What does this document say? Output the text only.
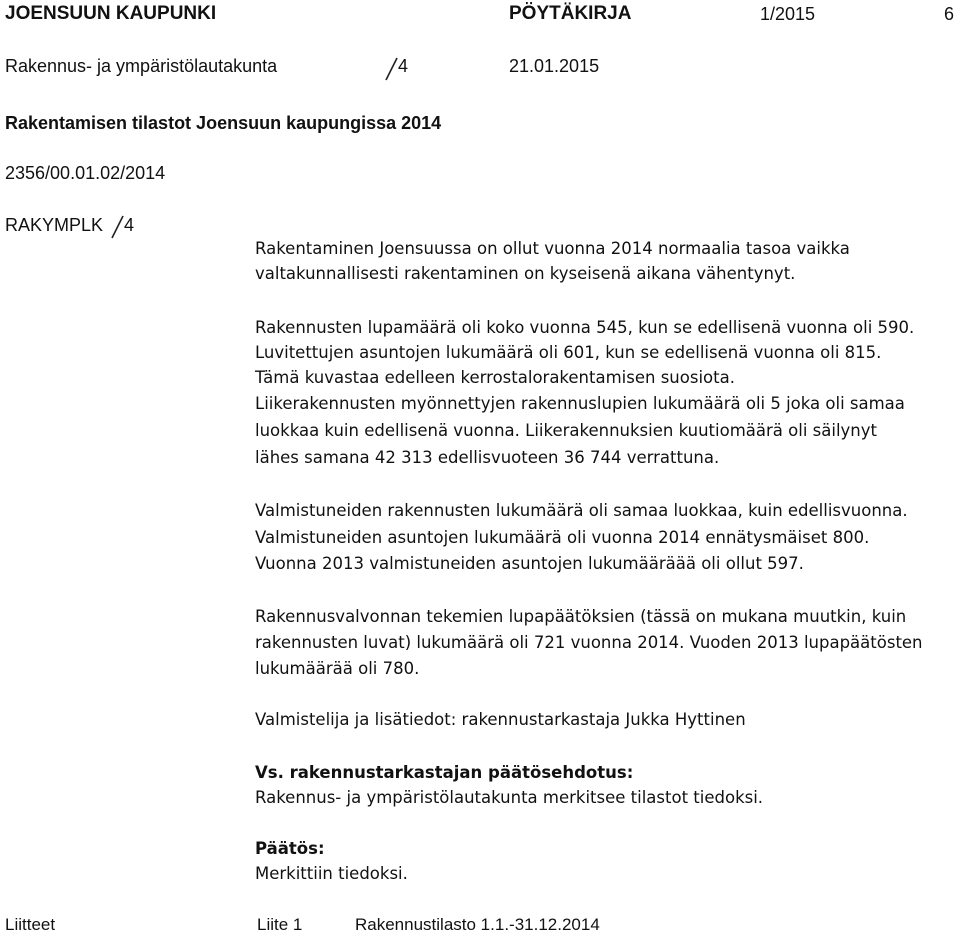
JOENSUUN KAUPUNKI	PÖYTÄKIRJA	1/2015	6
Rakennus- ja ympäristölautakunta	4	21.01.2015
Rakentamisen tilastot Joensuun kaupungissa 2014
2356/00.01.02/2014
RAKYMPLK 4
Rakentaminen Joensuussa on ollut vuonna 2014 normaalia tasoa vaikka
valtakunnallisesti rakentaminen on kyseisenä aikana vähentynyt.
Rakennusten lupamäärä oli koko vuonna 545, kun se edellisenä vuonna oli 590.
Luvitettujen asuntojen lukumäärä oli 601, kun se edellisenä vuonna oli 815.
Tämä kuvastaa edelleen kerrostalorakentamisen suosiota.
Liikerakennusten myönnettyjen rakennuslupien lukumäärä oli 5 joka oli samaa
luokkaa kuin edellisenä vuonna. Liikerakennuksien kuutiomäärä oli säilynyt
lähes samana 42 313 edellisvuoteen 36 744 verrattuna.
Valmistuneiden rakennusten lukumäärä oli samaa luokkaa, kuin edellisvuonna.
Valmistuneiden asuntojen lukumäärä oli vuonna 2014 ennätysmäiset 800.
Vuonna 2013 valmistuneiden asuntojen lukumääräää oli ollut 597.
Rakennusvalvonnan tekemien lupapäätöksien (tässä on mukana muutkin, kuin
rakennusten luvat) lukumäärä oli 721 vuonna 2014. Vuoden 2013 lupapäätösten
lukumäärää oli 780.
Valmistelija ja lisätiedot: rakennustarkastaja Jukka Hyttinen
Vs. rakennustarkastajan päätösehdotus:
Rakennus- ja ympäristölautakunta merkitsee tilastot tiedoksi.
Päätös:
Merkittiin tiedoksi.
Liitteet	Liite 1	Rakennustilasto 1.1.-31.12.2014
